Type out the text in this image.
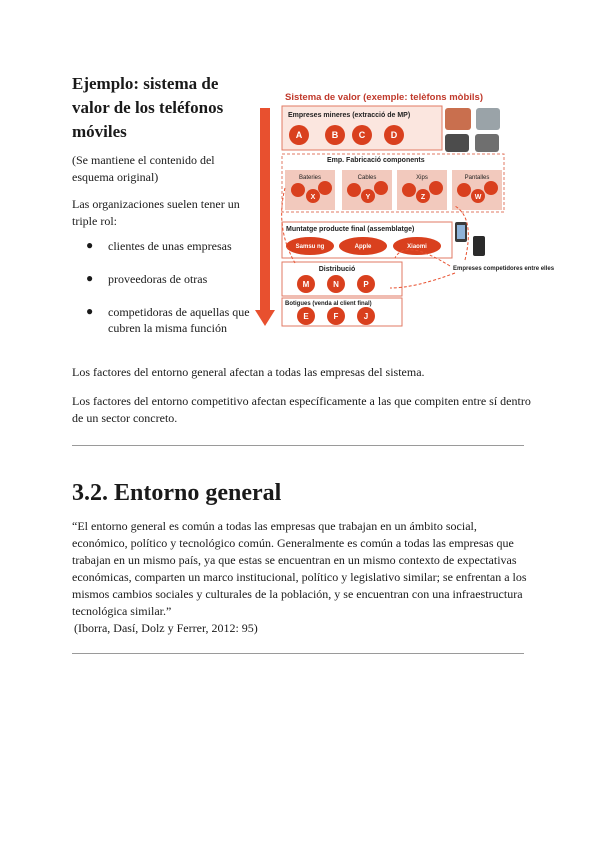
Ejemplo: sistema de valor de los teléfonos móviles

(Se mantiene el contenido del esquema original)

Las organizaciones suelen tener un triple rol:

● clientes de unas empresas
● proveedoras de otras
● competidoras de aquellas que cubren la misma función
Sistema de valor (exemple: telèfons mòbils)
Empreses mineres (extracció de MP)
A	B C	D
Emp. Fabricació components
Bateries
X
Cables
Y
Xips
Z
Pantalles
W
Muntatge producte final (assemblatge)
Samsu ng	Apple	Xiaomi
Distribució
M	N	P
Empreses competidores entre elles
Botigues (venda al client final)
E	F	J

Los factores del entorno general afectan a todas las empresas del sistema.

Los factores del entorno competitivo afectan específicamente a las que compiten entre sí dentro de un sector concreto.

3.2. Entorno general

“El entorno general es común a todas las empresas que trabajan en un ámbito social, económico, político y tecnológico común. Generalmente es común a todas las empresas que trabajan en un mismo país, ya que estas se encuentran en un mismo contexto de expectativas económicas, comparten un marco institucional, político y legislativo similar; se enfrentan a los mismos cambios sociales y culturales de la población, y se encuentran con una infraestructura tecnológica similar.”

(Iborra, Dasí, Dolz y Ferrer, 2012: 95)
